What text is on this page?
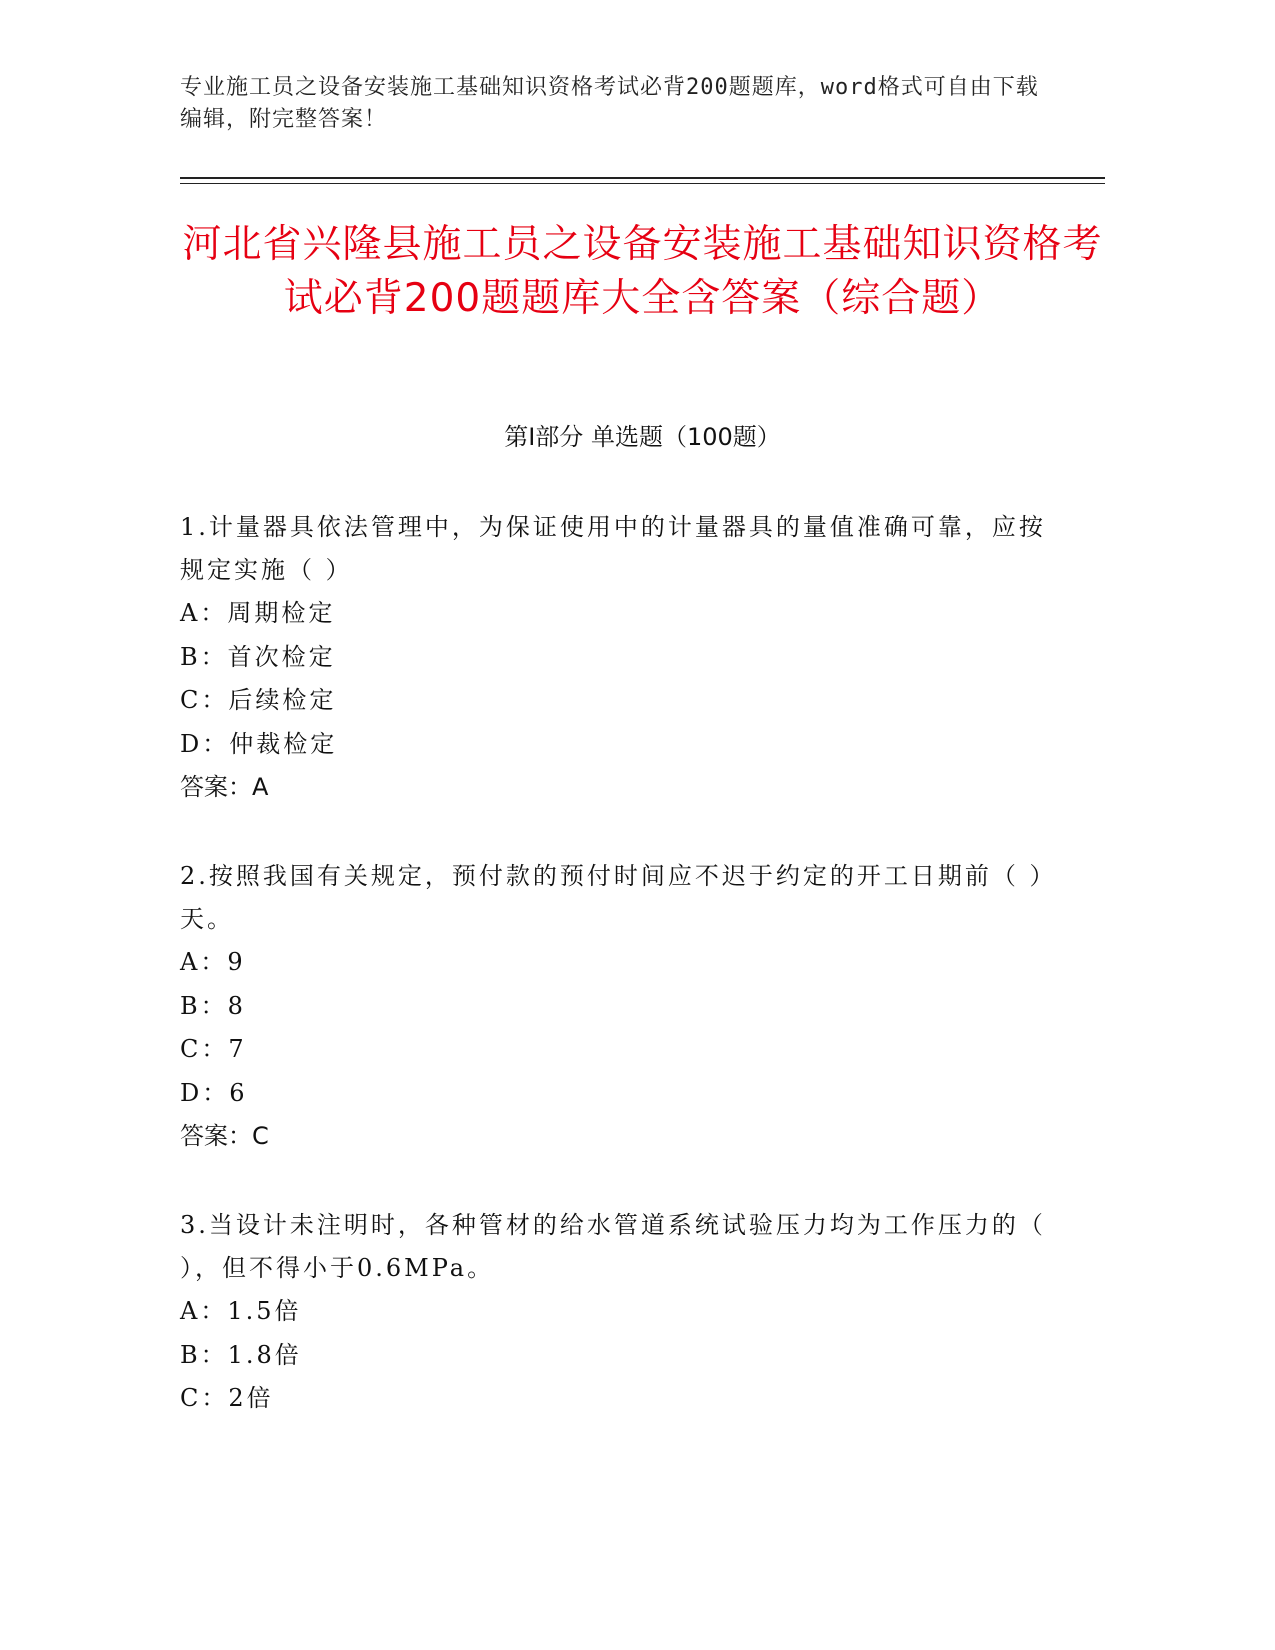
专业施工员之设备安装施工基础知识资格考试必背200题题库，word格式可自由下载编辑，附完整答案！
河北省兴隆县施工员之设备安装施工基础知识资格考试必背200题题库大全含答案（综合题）
第Ⅰ部分 单选题（100题）

1.计量器具依法管理中，为保证使用中的计量器具的量值准确可靠，应按规定实施（ ）

A：周期检定

B：首次检定

C：后续检定

D：仲裁检定

答案：A

2.按照我国有关规定，预付款的预付时间应不迟于约定的开工日期前（ ）天。

A：9

B：8

C：7

D：6

答案：C

3.当设计未注明时，各种管材的给水管道系统试验压力均为工作压力的（ ），但不得小于0.6MPa。

A：1.5倍

B：1.8倍

C：2倍
